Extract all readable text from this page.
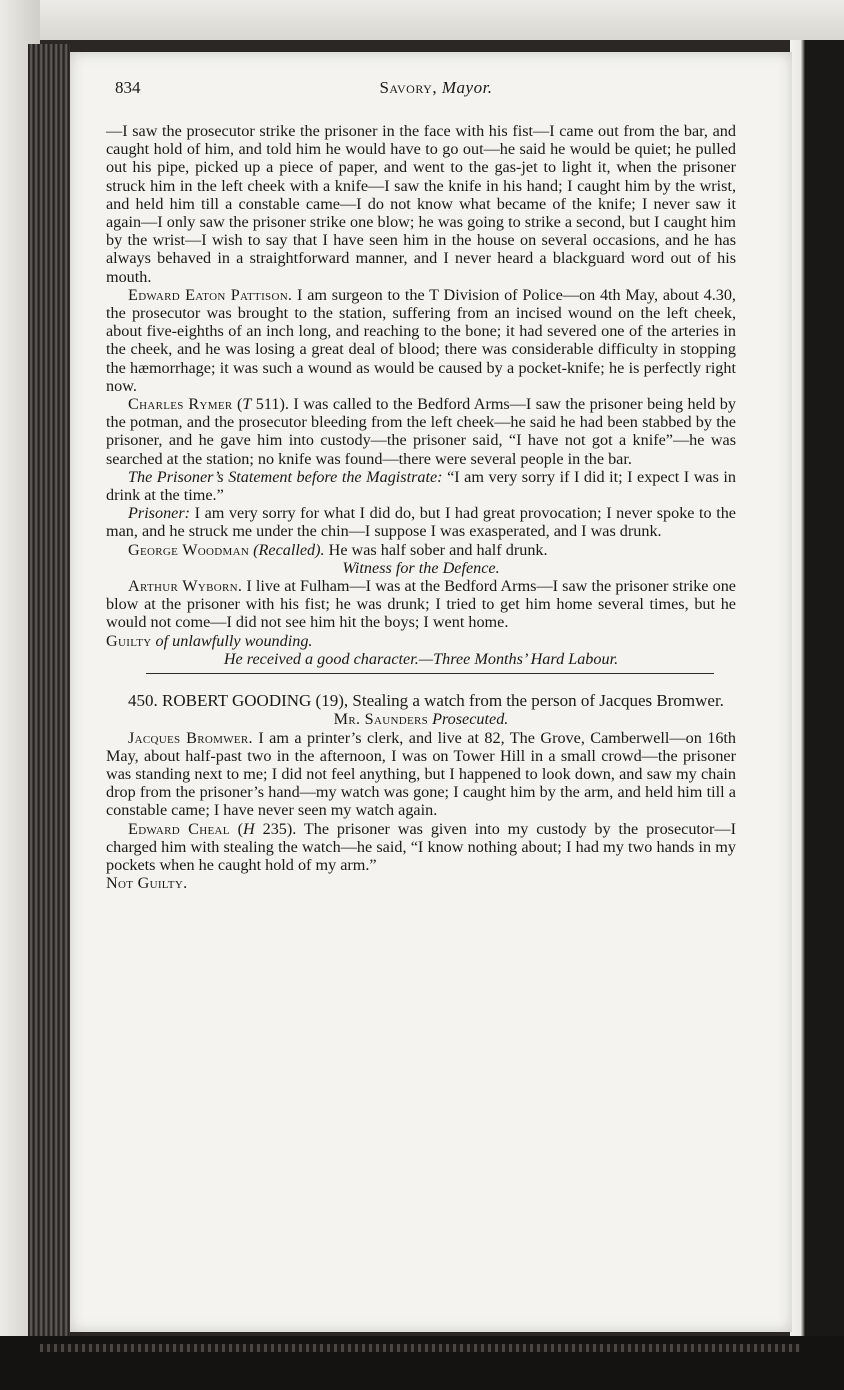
834	Savory, Mayor.

—I saw the prosecutor strike the prisoner in the face with his fist—I came out from the bar, and caught hold of him, and told him he would have to go out—he said he would be quiet; he pulled out his pipe, picked up a piece of paper, and went to the gas-jet to light it, when the prisoner struck him in the left cheek with a knife—I saw the knife in his hand; I caught him by the wrist, and held him till a constable came—I do not know what became of the knife; I never saw it again—I only saw the prisoner strike one blow; he was going to strike a second, but I caught him by the wrist—I wish to say that I have seen him in the house on several occasions, and he has always behaved in a straightforward manner, and I never heard a blackguard word out of his mouth.

Edward Eaton Pattison. I am surgeon to the T Division of Police—on 4th May, about 4.30, the prosecutor was brought to the station, suffering from an incised wound on the left cheek, about five-eighths of an inch long, and reaching to the bone; it had severed one of the arteries in the cheek, and he was losing a great deal of blood; there was considerable difficulty in stopping the hæmorrhage; it was such a wound as would be caused by a pocket-knife; he is perfectly right now.

Charles Rymer (T 511). I was called to the Bedford Arms—I saw the prisoner being held by the potman, and the prosecutor bleeding from the left cheek—he said he had been stabbed by the prisoner, and he gave him into custody—the prisoner said, “I have not got a knife”—he was searched at the station; no knife was found—there were several people in the bar.

The Prisoner’s Statement before the Magistrate: “I am very sorry if I did it; I expect I was in drink at the time.”

Prisoner: I am very sorry for what I did do, but I had great provocation; I never spoke to the man, and he struck me under the chin—I suppose I was exasperated, and I was drunk.

George Woodman (Recalled). He was half sober and half drunk.

Witness for the Defence.

Arthur Wyborn. I live at Fulham—I was at the Bedford Arms—I saw the prisoner strike one blow at the prisoner with his fist; he was drunk; I tried to get him home several times, but he would not come—I did not see him hit the boys; I went home.

Guilty of unlawfully wounding.

He received a good character.—Three Months’ Hard Labour.

450. ROBERT GOODING (19), Stealing a watch from the person of Jacques Bromwer.

Mr. Saunders Prosecuted.

Jacques Bromwer. I am a printer’s clerk, and live at 82, The Grove, Camberwell—on 16th May, about half-past two in the afternoon, I was on Tower Hill in a small crowd—the prisoner was standing next to me; I did not feel anything, but I happened to look down, and saw my chain drop from the prisoner’s hand—my watch was gone; I caught him by the arm, and held him till a constable came; I have never seen my watch again.

Edward Cheal (H 235). The prisoner was given into my custody by the prosecutor—I charged him with stealing the watch—he said, “I know nothing about; I had my two hands in my pockets when he caught hold of my arm.”

Not Guilty.
